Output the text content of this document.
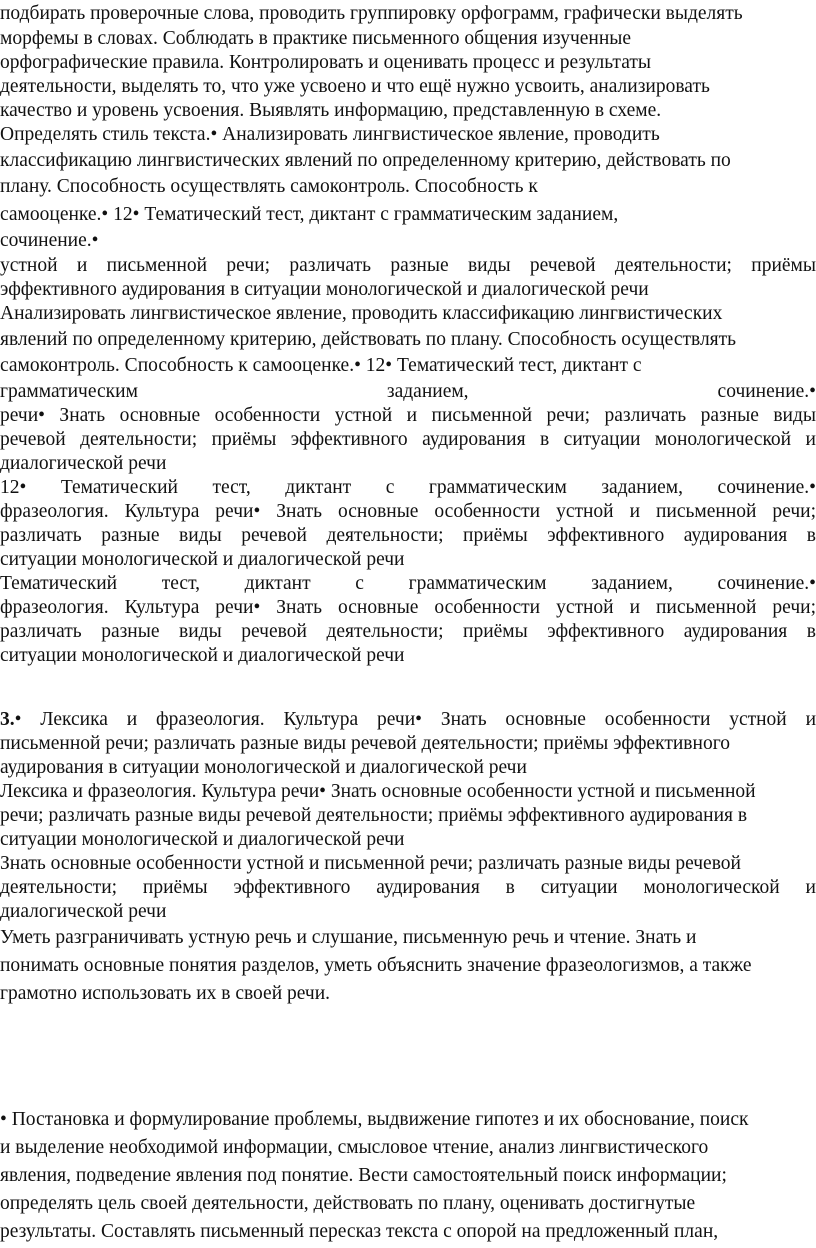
подбирать проверочные слова, проводить группировку орфограмм, графически выделять
морфемы в словах. Соблюдать в практике письменного общения изученные
орфографические правила. Контролировать и оценивать процесс и результаты
деятельности, выделять то, что уже усвоено и что ещё нужно усвоить, анализировать
качество и уровень усвоения. Выявлять информацию, представленную в схеме.
Определять стиль текста.• Анализировать лингвистическое явление, проводить
классификацию лингвистических явлений по определенному критерию, действовать по
плану. Способность осуществлять самоконтроль. Способность к
самооценке.• 12• Тематический тест, диктант с грамматическим заданием,
сочинение.•
устной и письменной речи; различать разные виды речевой деятельности; приёмы
эффективного аудирования в ситуации монологической и диалогической речи
Анализировать лингвистическое явление, проводить классификацию лингвистических
явлений по определенному критерию, действовать по плану. Способность осуществлять
самоконтроль. Способность к самооценке.• 12• Тематический тест, диктант с
грамматическим заданием, сочинение.•
речи• Знать основные особенности устной и письменной речи; различать разные виды
речевой деятельности; приёмы эффективного аудирования в ситуации монологической и
диалогической речи
12• Тематический тест, диктант с грамматическим заданием, сочинение.•
фразеология. Культура речи• Знать основные особенности устной и письменной речи;
различать разные виды речевой деятельности; приёмы эффективного аудирования в
ситуации монологической и диалогической речи
Тематический тест, диктант с грамматическим заданием, сочинение.•
фразеология. Культура речи• Знать основные особенности устной и письменной речи;
различать разные виды речевой деятельности; приёмы эффективного аудирования в
ситуации монологической и диалогической речи
3.• Лексика и фразеология. Культура речи• Знать основные особенности устной и
письменной речи; различать разные виды речевой деятельности; приёмы эффективного
аудирования в ситуации монологической и диалогической речи
Лексика и фразеология. Культура речи• Знать основные особенности устной и письменной
речи; различать разные виды речевой деятельности; приёмы эффективного аудирования в
ситуации монологической и диалогической речи
Знать основные особенности устной и письменной речи; различать разные виды речевой
деятельности; приёмы эффективного аудирования в ситуации монологической и
диалогической речи
Уметь разграничивать устную речь и слушание, письменную речь и чтение. Знать и
понимать основные понятия разделов, уметь объяснить значение фразеологизмов, а также
грамотно использовать их в своей речи.
• Постановка и формулирование проблемы, выдвижение гипотез и их обоснование, поиск
и выделение необходимой информации, смысловое чтение, анализ лингвистического
явления, подведение явления под понятие. Вести самостоятельный поиск информации;
определять цель своей деятельности, действовать по плану, оценивать достигнутые
результаты. Составлять письменный пересказ текста с опорой на предложенный план,
